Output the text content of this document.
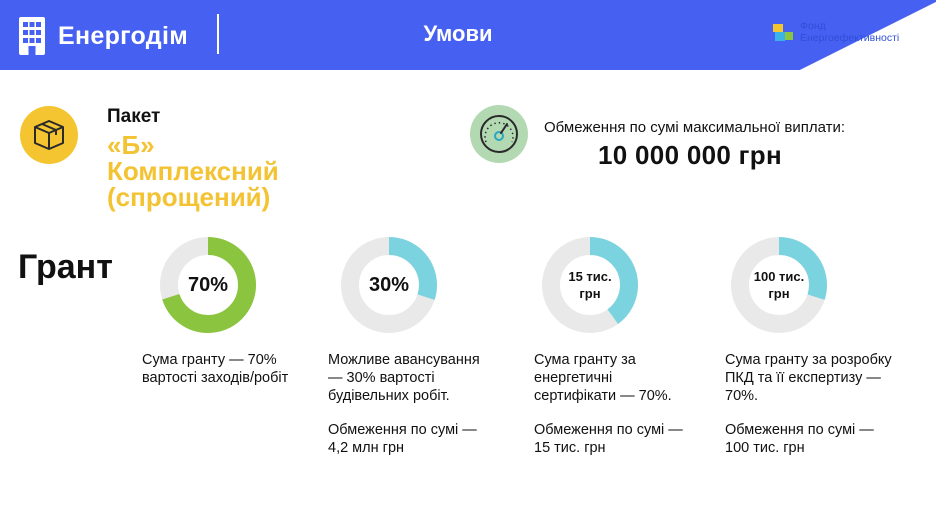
Енергодім	Умови	Фонд
Енергоефективності
Пакет
«Б»
Комплексний
(спрощений)
Обмеження по сумі максимальної виплати:
10 000 000 грн
Грант	70%	30%	15 тис.
грн
100 тис.
грн

Сума гранту — 70% вартості заходів/робіт

Можливе авансування — 30% вартості будівельних робіт.

Обмеження по сумі — 4,2 млн грн

Сума гранту за енергетичні сертифікати — 70%.

Обмеження по сумі — 15 тис. грн

Сума гранту за розробку ПКД та її експертизу — 70%.

Обмеження по сумі — 100 тис. грн
